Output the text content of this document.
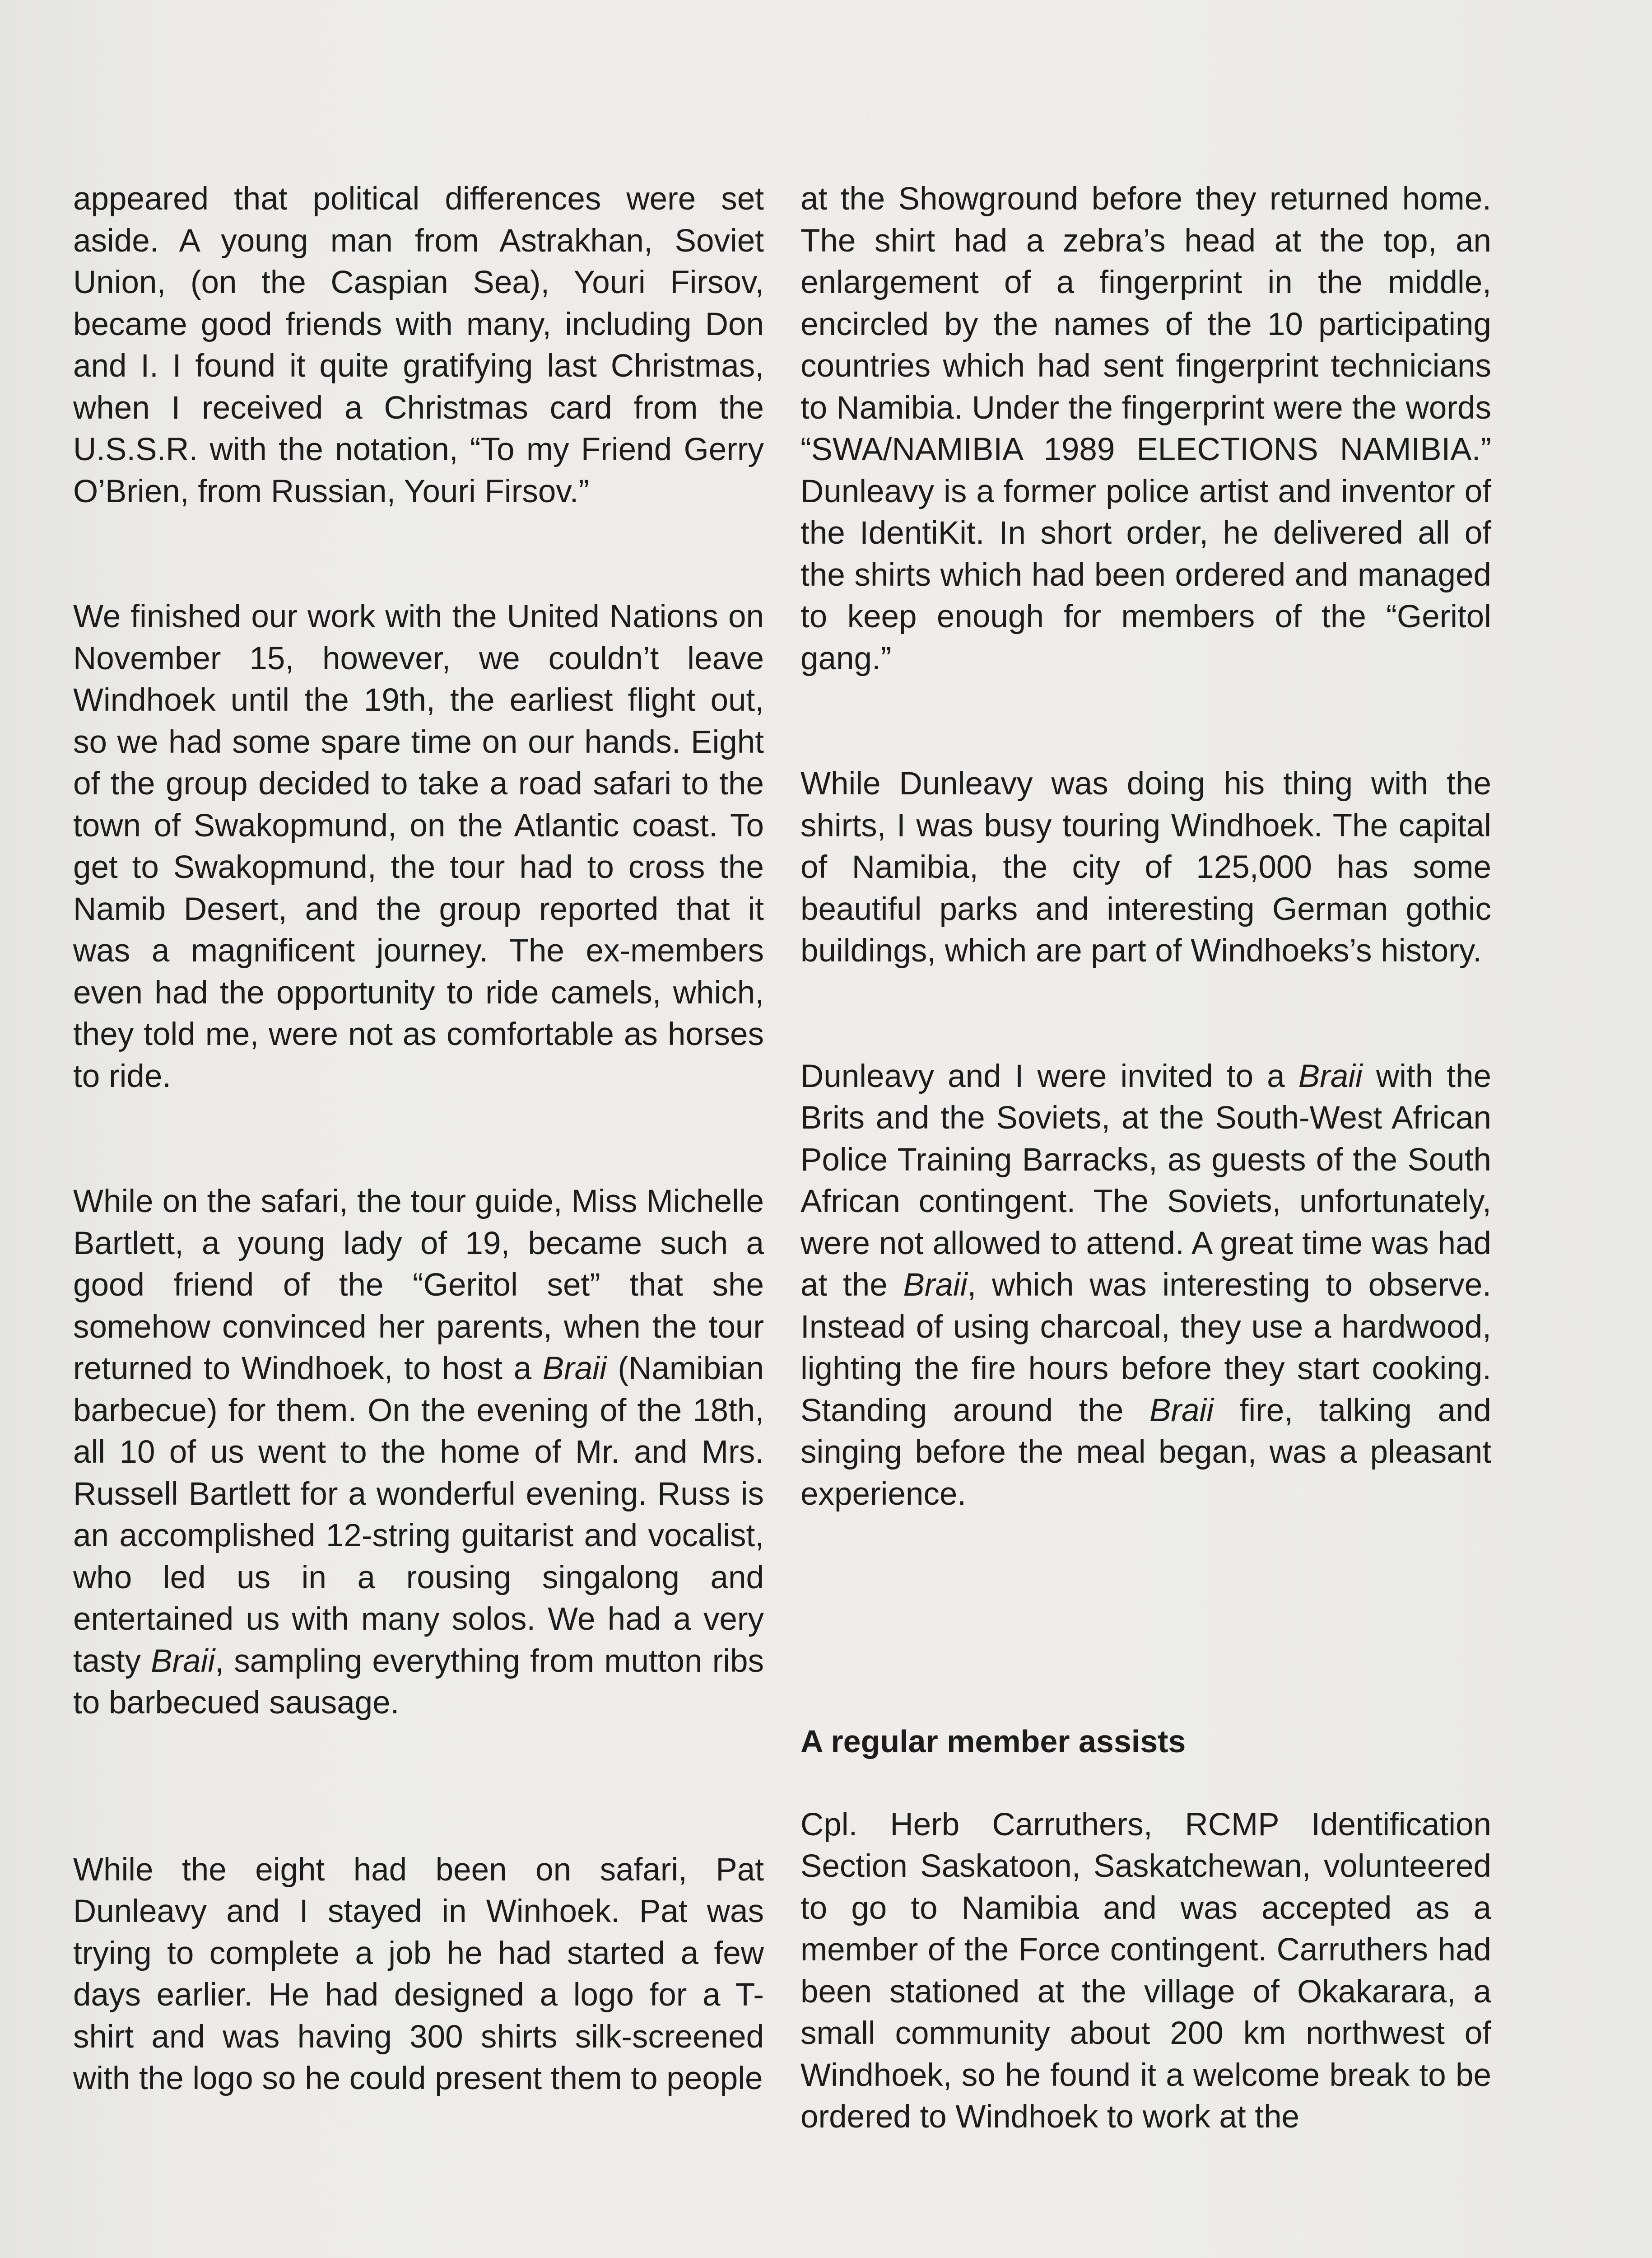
appeared that political differences were set aside. A young man from Astrakhan, Soviet Union, (on the Caspian Sea), Youri Firsov, became good friends with many, including Don and I. I found it quite gratifying last Christmas, when I received a Christmas card from the U.S.S.R. with the notation, “To my Friend Gerry O’Brien, from Russian, Youri Firsov.”

We finished our work with the United Nations on November 15, however, we couldn’t leave Windhoek until the 19th, the earliest flight out, so we had some spare time on our hands. Eight of the group decided to take a road safari to the town of Swakopmund, on the Atlantic coast. To get to Swakopmund, the tour had to cross the Namib Desert, and the group reported that it was a magnificent journey. The ex-members even had the opportunity to ride camels, which, they told me, were not as comfortable as horses to ride.

While on the safari, the tour guide, Miss Michelle Bartlett, a young lady of 19, became such a good friend of the “Geritol set” that she somehow convinced her parents, when the tour returned to Windhoek, to host a Braii (Namibian barbecue) for them. On the evening of the 18th, all 10 of us went to the home of Mr. and Mrs. Russell Bartlett for a wonderful evening. Russ is an accomplished 12-string guitarist and vocalist, who led us in a rousing singalong and entertained us with many solos. We had a very tasty Braii, sampling everything from mutton ribs to barbecued sausage.

While the eight had been on safari, Pat Dunleavy and I stayed in Winhoek. Pat was trying to complete a job he had started a few days earlier. He had designed a logo for a T-shirt and was having 300 shirts silk-screened with the logo so he could present them to people

at the Showground before they returned home. The shirt had a zebra’s head at the top, an enlargement of a fingerprint in the middle, encircled by the names of the 10 participating countries which had sent fingerprint technicians to Namibia. Under the fingerprint were the words “SWA/NAMIBIA 1989 ELECTIONS NAMIBIA.” Dunleavy is a former police artist and inventor of the IdentiKit. In short order, he delivered all of the shirts which had been ordered and managed to keep enough for members of the “Geritol gang.”

While Dunleavy was doing his thing with the shirts, I was busy touring Windhoek. The capital of Namibia, the city of 125,000 has some beautiful parks and interesting German gothic buildings, which are part of Windhoeks’s history.

Dunleavy and I were invited to a Braii with the Brits and the Soviets, at the South-West African Police Training Barracks, as guests of the South African contingent. The Soviets, unfortunately, were not allowed to attend. A great time was had at the Braii, which was interesting to observe. Instead of using charcoal, they use a hardwood, lighting the fire hours before they start cooking. Standing around the Braii fire, talking and singing before the meal began, was a pleasant experience.

A regular member assists

Cpl. Herb Carruthers, RCMP Identification Section Saskatoon, Saskatchewan, volunteered to go to Namibia and was accepted as a member of the Force contingent. Carruthers had been stationed at the village of Okakarara, a small community about 200 km northwest of Windhoek, so he found it a welcome break to be ordered to Windhoek to work at the
